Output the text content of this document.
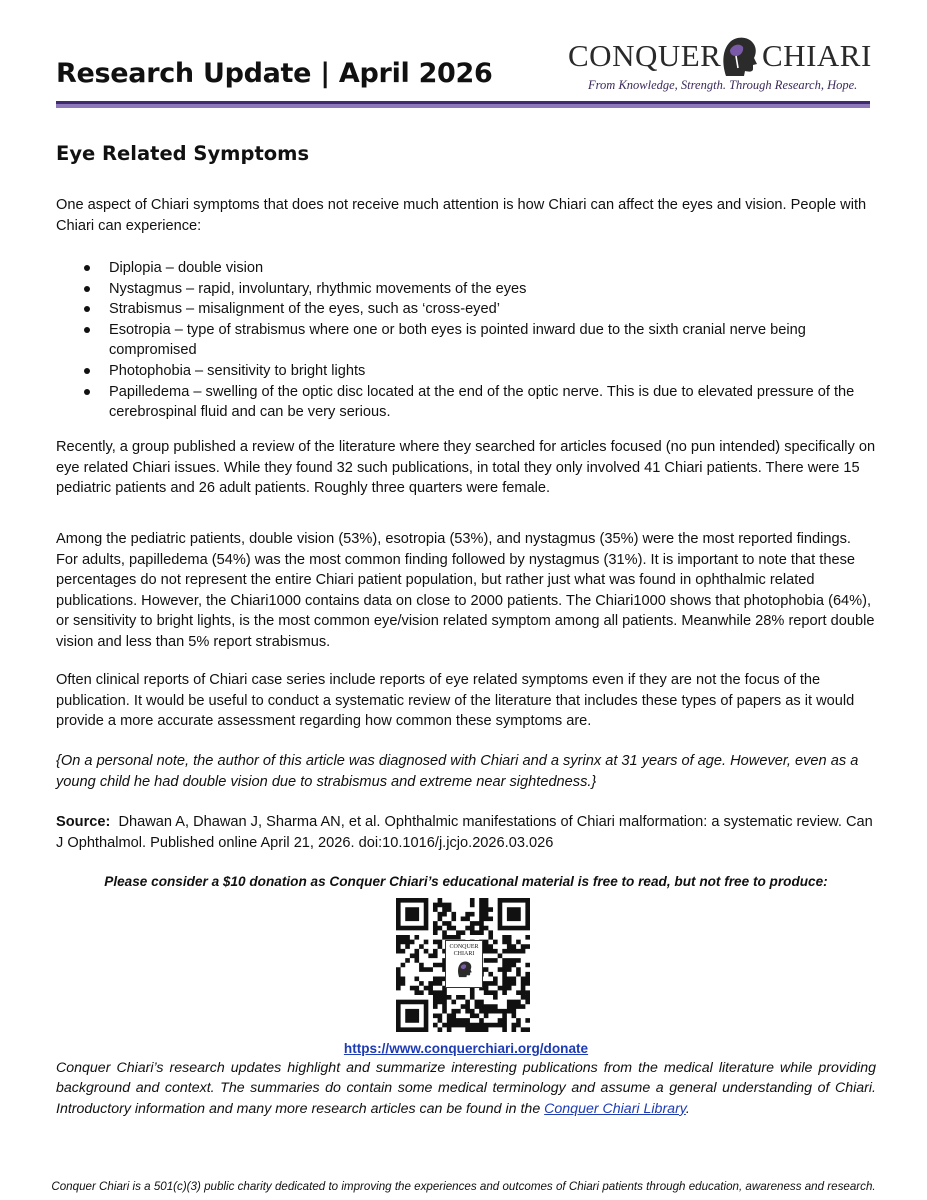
Research Update | April 2026
CONQUER CHIARI
From Knowledge, Strength. Through Research, Hope.
Eye Related Symptoms

One aspect of Chiari symptoms that does not receive much attention is how Chiari can affect the eyes and vision. People with Chiari can experience:

Diplopia – double vision
Nystagmus – rapid, involuntary, rhythmic movements of the eyes
Strabismus – misalignment of the eyes, such as ‘cross-eyed’
Esotropia – type of strabismus where one or both eyes is pointed inward due to the sixth cranial nerve being compromised
Photophobia – sensitivity to bright lights
Papilledema – swelling of the optic disc located at the end of the optic nerve. This is due to elevated pressure of the cerebrospinal fluid and can be very serious.

Recently, a group published a review of the literature where they searched for articles focused (no pun intended) specifically on eye related Chiari issues. While they found 32 such publications, in total they only involved 41 Chiari patients. There were 15 pediatric patients and 26 adult patients. Roughly three quarters were female.

Among the pediatric patients, double vision (53%), esotropia (53%), and nystagmus (35%) were the most reported findings. For adults, papilledema (54%) was the most common finding followed by nystagmus (31%). It is important to note that these percentages do not represent the entire Chiari patient population, but rather just what was found in ophthalmic related publications. However, the Chiari1000 contains data on close to 2000 patients. The Chiari1000 shows that photophobia (64%), or sensitivity to bright lights, is the most common eye/vision related symptom among all patients. Meanwhile 28% report double vision and less than 5% report strabismus.

Often clinical reports of Chiari case series include reports of eye related symptoms even if they are not the focus of the publication. It would be useful to conduct a systematic review of the literature that includes these types of papers as it would provide a more accurate assessment regarding how common these symptoms are.

{On a personal note, the author of this article was diagnosed with Chiari and a syrinx at 31 years of age. However, even as a young child he had double vision due to strabismus and extreme near sightedness.}

Source: Dhawan A, Dhawan J, Sharma AN, et al. Ophthalmic manifestations of Chiari malformation: a systematic review. Can J Ophthalmol. Published online April 21, 2026. doi:10.1016/j.jcjo.2026.03.026

Please consider a $10 donation as Conquer Chiari’s educational material is free to read, but not free to produce:
CONQUER CHIARI
https://www.conquerchiari.org/donate

Conquer Chiari’s research updates highlight and summarize interesting publications from the medical literature while providing background and context. The summaries do contain some medical terminology and assume a general understanding of Chiari. Introductory information and many more research articles can be found in the Conquer Chiari Library.

Conquer Chiari is a 501(c)(3) public charity dedicated to improving the experiences and outcomes of Chiari patients through education, awareness and research.
